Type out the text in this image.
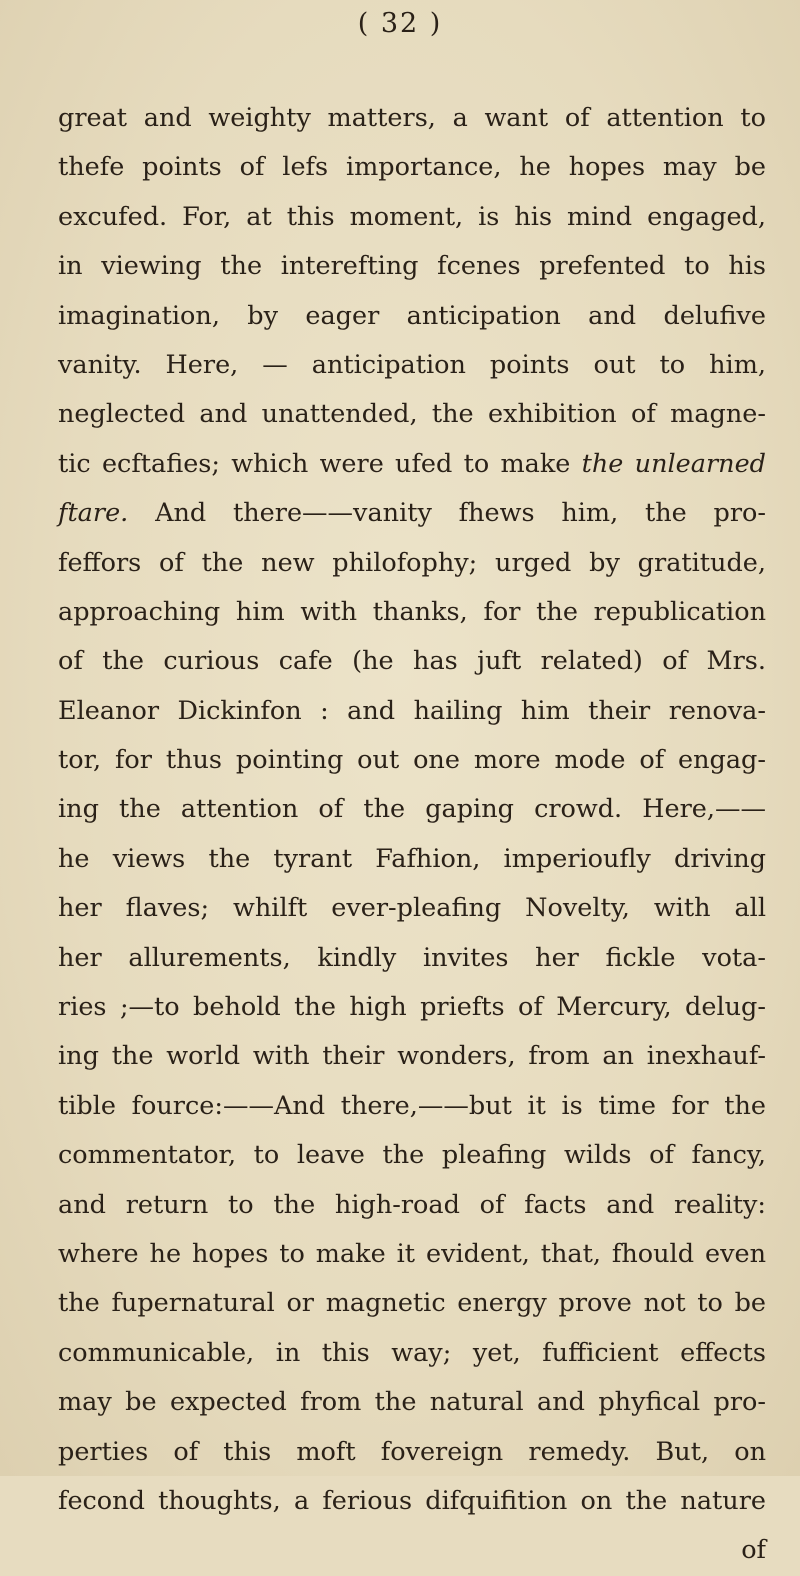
( 32 )
great and weighty matters, a want of attention to
thefe points of lefs importance, he hopes may be
excufed. For, at this moment, is his mind engaged,
in viewing the interefting fcenes prefented to his
imagination, by eager anticipation and delufive
vanity. Here, — anticipation points out to him,
neglected and unattended, the exhibition of magne-
tic ecftafies; which were ufed to make the unlearned
ftare. And there——vanity fhews him, the pro-
feffors of the new philofophy; urged by gratitude,
approaching him with thanks, for the republication
of the curious cafe (he has juft related) of Mrs.
Eleanor Dickinfon : and hailing him their renova-
tor, for thus pointing out one more mode of engag-
ing the attention of the gaping crowd. Here,——
he views the tyrant Fafhion, imperioufly driving
her flaves; whilft ever-pleafing Novelty, with all
her allurements, kindly invites her fickle vota-
ries ;—to behold the high priefts of Mercury, delug-
ing the world with their wonders, from an inexhauf-
tible fource:——And there,——but it is time for the
commentator, to leave the pleafing wilds of fancy,
and return to the high-road of facts and reality:
where he hopes to make it evident, that, fhould even
the fupernatural or magnetic energy prove not to be
communicable, in this way; yet, fufficient effects
may be expected from the natural and phyfical pro-
perties of this moft fovereign remedy. But, on
fecond thoughts, a ferious difquifition on the nature
of
